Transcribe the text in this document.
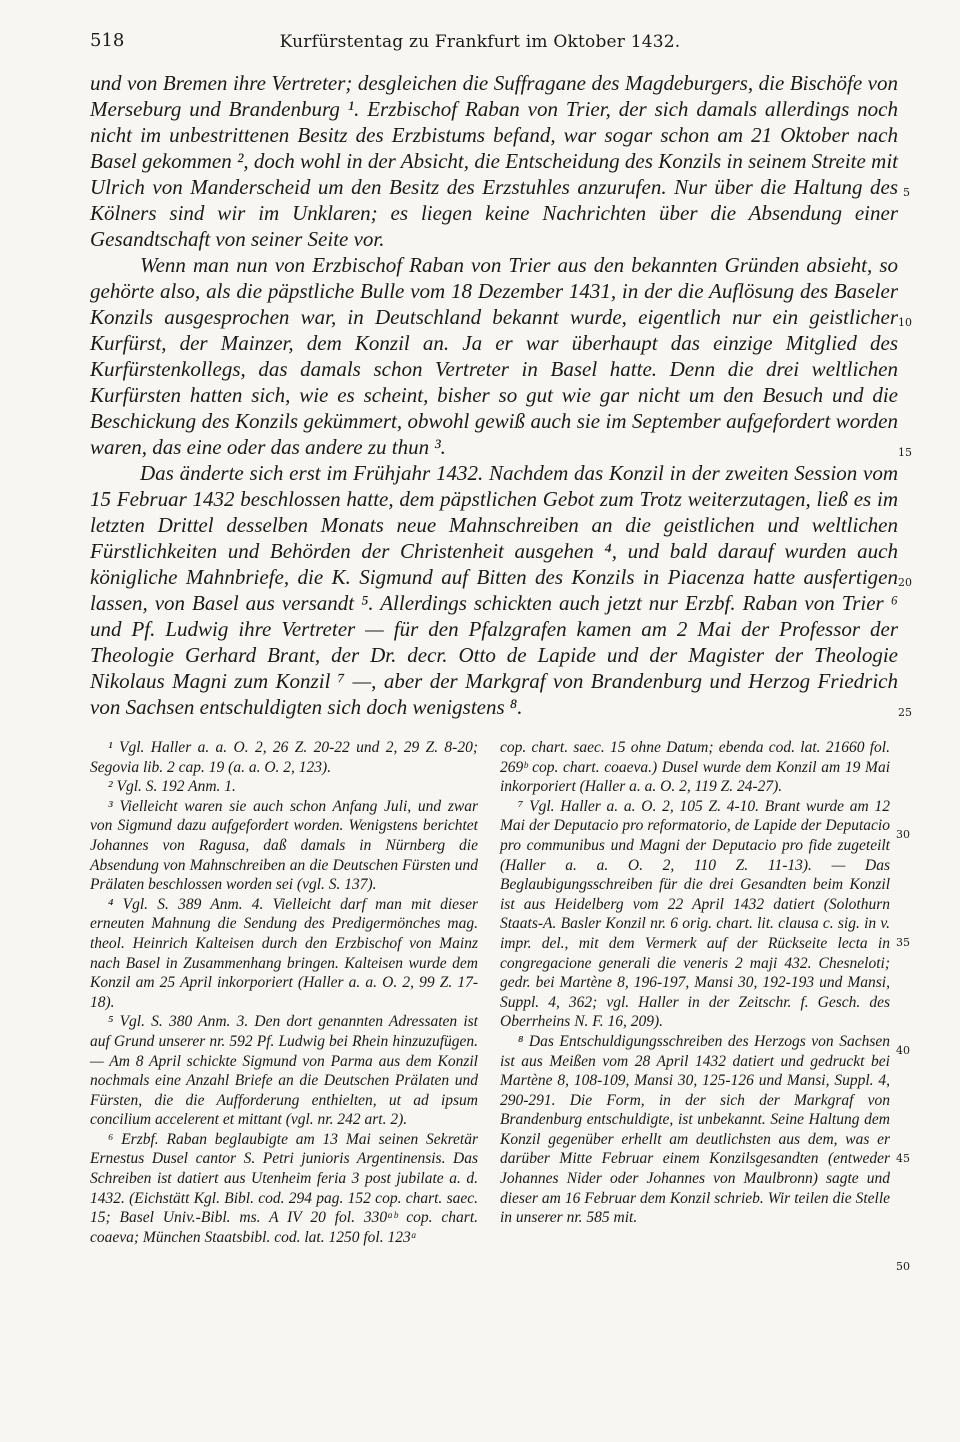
518	Kurfürstentag zu Frankfurt im Oktober 1432.

und von Bremen ihre Vertreter; desgleichen die Suffragane des Magdeburgers, die Bischöfe von Merseburg und Brandenburg ¹. Erzbischof Raban von Trier, der sich damals allerdings noch nicht im unbestrittenen Besitz des Erzbistums befand, war sogar schon am 21 Oktober nach Basel gekommen ², doch wohl in der Absicht, die Entscheidung des Konzils in seinem Streite mit Ulrich von Manderscheid um den Besitz des Erzstuhles anzurufen. Nur über die Haltung des Kölners sind wir im Unklaren; es liegen keine Nachrichten über die Absendung einer Gesandtschaft von seiner Seite vor.

Wenn man nun von Erzbischof Raban von Trier aus den bekannten Gründen absieht, so gehörte also, als die päpstliche Bulle vom 18 Dezember 1431, in der die Auflösung des Baseler Konzils ausgesprochen war, in Deutschland bekannt wurde, eigentlich nur ein geistlicher Kurfürst, der Mainzer, dem Konzil an. Ja er war überhaupt das einzige Mitglied des Kurfürstenkollegs, das damals schon Vertreter in Basel hatte. Denn die drei weltlichen Kurfürsten hatten sich, wie es scheint, bisher so gut wie gar nicht um den Besuch und die Beschickung des Konzils gekümmert, obwohl gewiß auch sie im September aufgefordert worden waren, das eine oder das andere zu thun ³.

Das änderte sich erst im Frühjahr 1432. Nachdem das Konzil in der zweiten Session vom 15 Februar 1432 beschlossen hatte, dem päpstlichen Gebot zum Trotz weiterzutagen, ließ es im letzten Drittel desselben Monats neue Mahnschreiben an die geistlichen und weltlichen Fürstlichkeiten und Behörden der Christenheit ausgehen ⁴, und bald darauf wurden auch königliche Mahnbriefe, die K. Sigmund auf Bitten des Konzils in Piacenza hatte ausfertigen lassen, von Basel aus versandt ⁵. Allerdings schickten auch jetzt nur Erzbf. Raban von Trier ⁶ und Pf. Ludwig ihre Vertreter — für den Pfalzgrafen kamen am 2 Mai der Professor der Theologie Gerhard Brant, der Dr. decr. Otto de Lapide und der Magister der Theologie Nikolaus Magni zum Konzil ⁷ —, aber der Markgraf von Brandenburg und Herzog Friedrich von Sachsen entschuldigten sich doch wenigstens ⁸.

5
10
15
20
25

¹ Vgl. Haller a. a. O. 2, 26 Z. 20-22 und 2, 29 Z. 8-20; Segovia lib. 2 cap. 19 (a. a. O. 2, 123).

² Vgl. S. 192 Anm. 1.

³ Vielleicht waren sie auch schon Anfang Juli, und zwar von Sigmund dazu aufgefordert worden. Wenigstens berichtet Johannes von Ragusa, daß damals in Nürnberg die Absendung von Mahnschreiben an die Deutschen Fürsten und Prälaten beschlossen worden sei (vgl. S. 137).

⁴ Vgl. S. 389 Anm. 4. Vielleicht darf man mit dieser erneuten Mahnung die Sendung des Predigermönches mag. theol. Heinrich Kalteisen durch den Erzbischof von Mainz nach Basel in Zusammenhang bringen. Kalteisen wurde dem Konzil am 25 April inkorporiert (Haller a. a. O. 2, 99 Z. 17-18).

⁵ Vgl. S. 380 Anm. 3. Den dort genannten Adressaten ist auf Grund unserer nr. 592 Pf. Ludwig bei Rhein hinzuzufügen. — Am 8 April schickte Sigmund von Parma aus dem Konzil nochmals eine Anzahl Briefe an die Deutschen Prälaten und Fürsten, die die Aufforderung enthielten, ut ad ipsum concilium accelerent et mittant (vgl. nr. 242 art. 2).

⁶ Erzbf. Raban beglaubigte am 13 Mai seinen Sekretär Ernestus Dusel cantor S. Petri junioris Argentinensis. Das Schreiben ist datiert aus Utenheim feria 3 post jubilate a. d. 1432. (Eichstätt Kgl. Bibl. cod. 294 pag. 152 cop. chart. saec. 15; Basel Univ.-Bibl. ms. A IV 20 fol. 330ᵃᵇ cop. chart. coaeva; München Staatsbibl. cod. lat. 1250 fol. 123ᵃ

cop. chart. saec. 15 ohne Datum; ebenda cod. lat. 21660 fol. 269ᵇ cop. chart. coaeva.) Dusel wurde dem Konzil am 19 Mai inkorporiert (Haller a. a. O. 2, 119 Z. 24-27).

⁷ Vgl. Haller a. a. O. 2, 105 Z. 4-10. Brant wurde am 12 Mai der Deputacio pro reformatorio, de Lapide der Deputacio pro communibus und Magni der Deputacio pro fide zugeteilt (Haller a. a. O. 2, 110 Z. 11-13). — Das Beglaubigungsschreiben für die drei Gesandten beim Konzil ist aus Heidelberg vom 22 April 1432 datiert (Solothurn Staats-A. Basler Konzil nr. 6 orig. chart. lit. clausa c. sig. in v. impr. del., mit dem Vermerk auf der Rückseite lecta in congregacione generali die veneris 2 maji 432. Chesneloti; gedr. bei Martène 8, 196-197, Mansi 30, 192-193 und Mansi, Suppl. 4, 362; vgl. Haller in der Zeitschr. f. Gesch. des Oberrheins N. F. 16, 209).

⁸ Das Entschuldigungsschreiben des Herzogs von Sachsen ist aus Meißen vom 28 April 1432 datiert und gedruckt bei Martène 8, 108-109, Mansi 30, 125-126 und Mansi, Suppl. 4, 290-291. Die Form, in der sich der Markgraf von Brandenburg entschuldigte, ist unbekannt. Seine Haltung dem Konzil gegenüber erhellt am deutlichsten aus dem, was er darüber Mitte Februar einem Konzilsgesandten (entweder Johannes Nider oder Johannes von Maulbronn) sagte und dieser am 16 Februar dem Konzil schrieb. Wir teilen die Stelle in unserer nr. 585 mit.

30
35
40
45
50
